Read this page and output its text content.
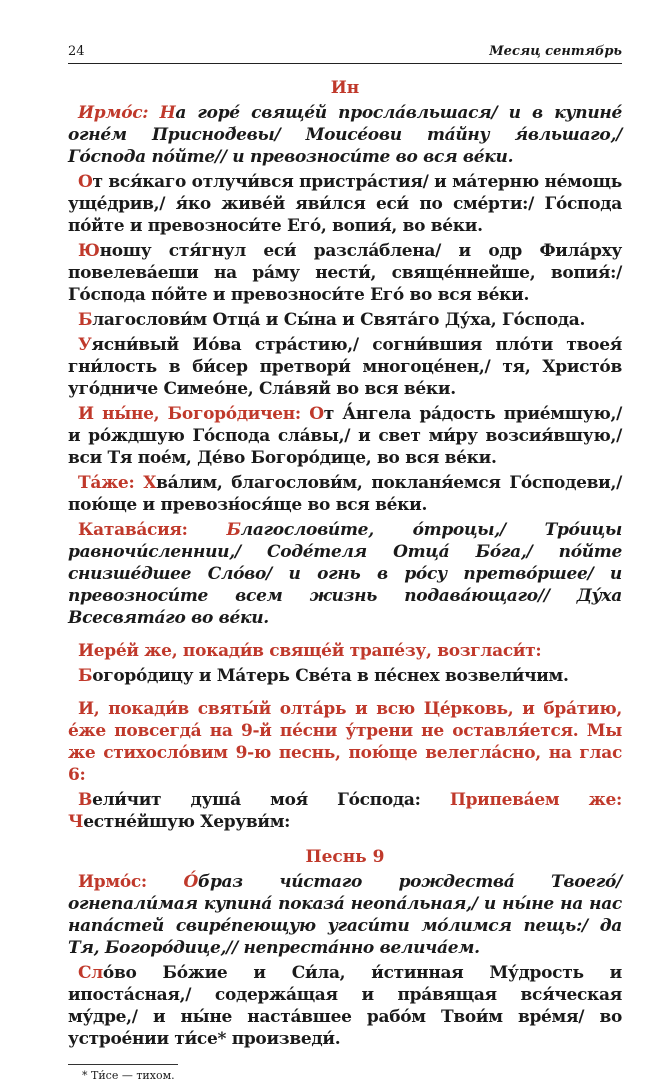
24	Месяц сентябрь
Ин

Ирмо́с: На горе́ свяще́й просла́вльшася/ и в купине́ огне́м Приснод́евы/ Моисе́ови та́йну я́вльшаго,/ Го́спода по́йте// и превозноси́те во вся ве́ки.

От вся́каго отлучи́вся пристра́стия/ и ма́терню не́мощь уще́дрив,/ я́ко живе́й яви́лся еси́ по сме́рти:/ Го́спода по́йте и превозноси́те Его́, вопия́, во ве́ки.

Юношу стя́гнул еси́ разсла́блена/ и одр Фила́рху повелева́еши на ра́му нести́, свяще́ннейше, вопия́:/ Го́спода по́йте и превозноси́те Его́ во вся ве́ки.

Благослови́м Отца́ и Сы́на и Свята́го Ду́ха, Го́спода.

Уясни́вый Ио́ва стра́стию,/ согни́вшия пло́ти твоея́ гни́лость в би́сер претвори́ многоце́нен,/ тя, Христо́в уго́дниче Симео́не, Сла́вяй во вся ве́ки.

И ны́не, Богоро́дичен: От А́нгела ра́дость прие́мшую,/ и ро́ждшую Го́спода сла́вы,/ и свет ми́ру возсия́вшую,/ вси Тя пое́м, Де́во Богоро́дице, во вся ве́ки.

Та́же: Хва́лим, благослови́м, покланя́емся Го́сподеви,/ пою́ще и превозн́ося́ще во вся ве́ки.

Катава́сия: Благослови́те, о́троцы,/ Тро́ицы равночи́сленнии,/ Соде́теля Отца́ Бо́га,/ по́йте снизше́дшее Сло́во/ и огнь в ро́су претво́ршее/ и превозноси́те всем жизнь подава́ющаго// Ду́ха Всесвята́го во ве́ки.

Иере́й же, покади́в свяще́й трапе́зу, возгласи́т:

Богоро́дицу и Ма́терь Све́та в пе́снех возвели́чим.

И, покади́в святы́й олта́рь и всю Це́рковь, и бра́тию, е́же повсегда́ на 9-й пе́сни у́трени не оставля́ется. Мы же стихосло́вим 9-ю песнь, пою́ще велегла́сно, на глас 6:

Вели́чит душа́ моя́ Го́спода: Припева́ем же: Честне́йшую Херуви́м:

Песнь 9

Ирмо́с: О́браз чи́стаго рождества́ Твоего́/ огнепали́мая купина́ показа́ неопа́льная,/ и ны́не на нас напа́стей свире́пеющую угаси́ти мо́лимся пещь:/ да Тя, Богоро́дице,// непреста́нно велича́ем.

Сло́во Бо́жие и Си́ла, и́стинная Му́дрость и ипоста́сная,/ содержа́щая и пра́вящая вся́ческая му́дре,/ и ны́не наста́вшее рабо́м Твои́м вре́мя/ во устрое́нии ти́се* произведи́.

* Ти́се — тихом.
